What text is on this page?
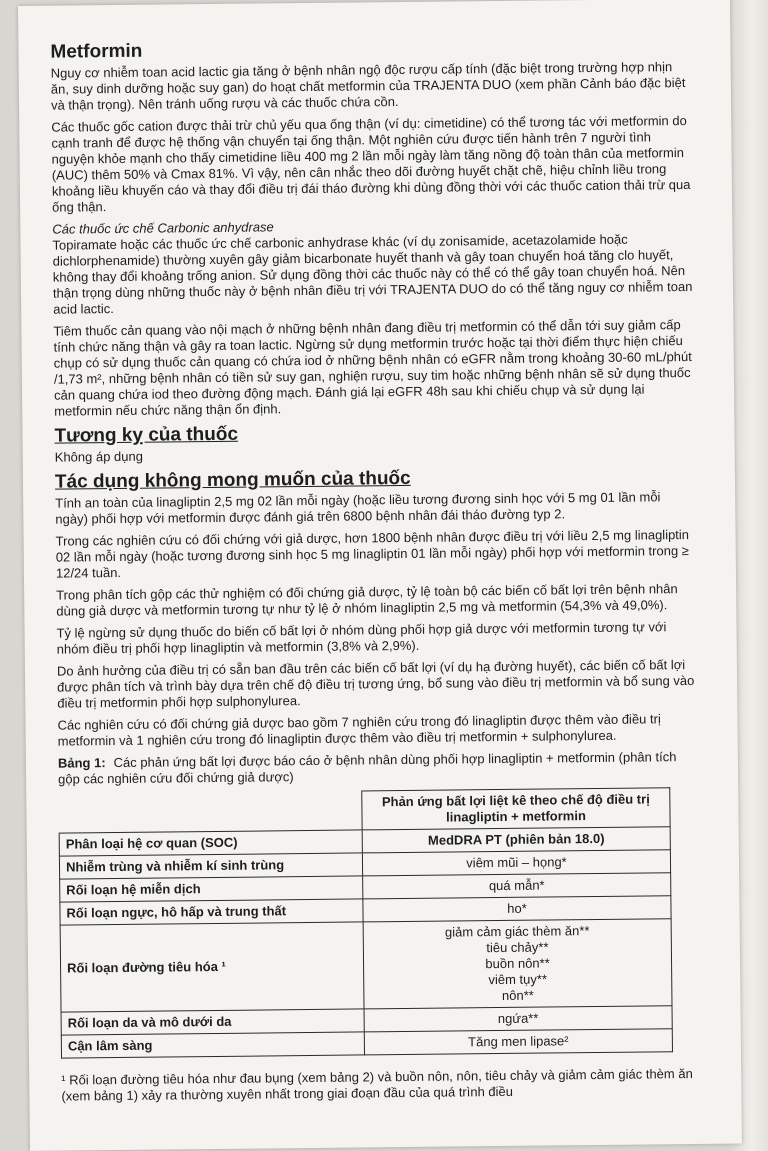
Metformin

Nguy cơ nhiễm toan acid lactic gia tăng ở bệnh nhân ngộ độc rượu cấp tính (đặc biệt trong trường hợp nhịn ăn, suy dinh dưỡng hoặc suy gan) do hoạt chất metformin của TRAJENTA DUO (xem phần Cảnh báo đặc biệt và thận trọng). Nên tránh uống rượu và các thuốc chứa cồn.

Các thuốc gốc cation được thải trừ chủ yếu qua ống thận (ví dụ: cimetidine) có thể tương tác với metformin do cạnh tranh để được hệ thống vận chuyển tại ống thận. Một nghiên cứu được tiến hành trên 7 người tình nguyện khỏe mạnh cho thấy cimetidine liều 400 mg 2 lần mỗi ngày làm tăng nồng độ toàn thân của metformin (AUC) thêm 50% và Cmax 81%. Vì vậy, nên cân nhắc theo dõi đường huyết chặt chẽ, hiệu chỉnh liều trong khoảng liều khuyến cáo và thay đổi điều trị đái tháo đường khi dùng đồng thời với các thuốc cation thải trừ qua ống thận.

Các thuốc ức chế Carbonic anhydrase

Topiramate hoặc các thuốc ức chế carbonic anhydrase khác (ví dụ zonisamide, acetazolamide hoặc dichlorphenamide) thường xuyên gây giảm bicarbonate huyết thanh và gây toan chuyển hoá tăng clo huyết, không thay đổi khoảng trống anion. Sử dụng đồng thời các thuốc này có thể có thể gây toan chuyển hoá. Nên thận trọng dùng những thuốc này ở bệnh nhân điều trị với TRAJENTA DUO do có thể tăng nguy cơ nhiễm toan acid lactic.

Tiêm thuốc cản quang vào nội mạch ở những bệnh nhân đang điều trị metformin có thể dẫn tới suy giảm cấp tính chức năng thận và gây ra toan lactic. Ngừng sử dụng metformin trước hoặc tại thời điểm thực hiện chiếu chụp có sử dụng thuốc cản quang có chứa iod ở những bệnh nhân có eGFR nằm trong khoảng 30-60 mL/phút /1,73 m², những bệnh nhân có tiền sử suy gan, nghiện rượu, suy tim hoặc những bệnh nhân sẽ sử dụng thuốc cản quang chứa iod theo đường động mạch. Đánh giá lại eGFR 48h sau khi chiếu chụp và sử dụng lại metformin nếu chức năng thận ổn định.

Tương kỵ của thuốc

Không áp dụng

Tác dụng không mong muốn của thuốc

Tính an toàn của linagliptin 2,5 mg 02 lần mỗi ngày (hoặc liều tương đương sinh học với 5 mg 01 lần mỗi ngày) phối hợp với metformin được đánh giá trên 6800 bệnh nhân đái tháo đường typ 2.

Trong các nghiên cứu có đối chứng với giả dược, hơn 1800 bệnh nhân được điều trị với liều 2,5 mg linagliptin 02 lần mỗi ngày (hoặc tương đương sinh học 5 mg linagliptin 01 lần mỗi ngày) phối hợp với metformin trong ≥ 12/24 tuần.

Trong phân tích gộp các thử nghiệm có đối chứng giả dược, tỷ lệ toàn bộ các biến cố bất lợi trên bệnh nhân dùng giả dược và metformin tương tự như tỷ lệ ở nhóm linagliptin 2,5 mg và metformin (54,3% và 49,0%).

Tỷ lệ ngừng sử dụng thuốc do biến cố bất lợi ở nhóm dùng phối hợp giả dược với metformin tương tự với nhóm điều trị phối hợp linagliptin và metformin (3,8% và 2,9%).

Do ảnh hưởng của điều trị có sẵn ban đầu trên các biến cố bất lợi (ví dụ hạ đường huyết), các biến cố bất lợi được phân tích và trình bày dựa trên chế độ điều trị tương ứng, bổ sung vào điều trị metformin và bổ sung vào điều trị metformin phối hợp sulphonylurea.

Các nghiên cứu có đối chứng giả dược bao gồm 7 nghiên cứu trong đó linagliptin được thêm vào điều trị metformin và 1 nghiên cứu trong đó linagliptin được thêm vào điều trị metformin + sulphonylurea.

Bảng 1: Các phản ứng bất lợi được báo cáo ở bệnh nhân dùng phối hợp linagliptin + metformin (phân tích gộp các nghiên cứu đối chứng giả dược)
	Phản ứng bất lợi liệt kê theo chế độ điều trị
linagliptin + metformin
Phân loại hệ cơ quan (SOC)	MedDRA PT (phiên bản 18.0)
Nhiễm trùng và nhiễm kí sinh trùng	viêm mũi – họng*
Rối loạn hệ miễn dịch	quá mẫn*
Rối loạn ngực, hô hấp và trung thất	ho*
Rối loạn đường tiêu hóa ¹	giảm cảm giác thèm ăn**
tiêu chảy**
buồn nôn**
viêm tụy**
nôn**

Rối loạn da và mô dưới da	ngứa**
Cận lâm sàng	Tăng men lipase²
¹ Rối loạn đường tiêu hóa như đau bụng (xem bảng 2) và buồn nôn, nôn, tiêu chảy và giảm cảm giác thèm ăn (xem bảng 1) xảy ra thường xuyên nhất trong giai đoạn đầu của quá trình điều
